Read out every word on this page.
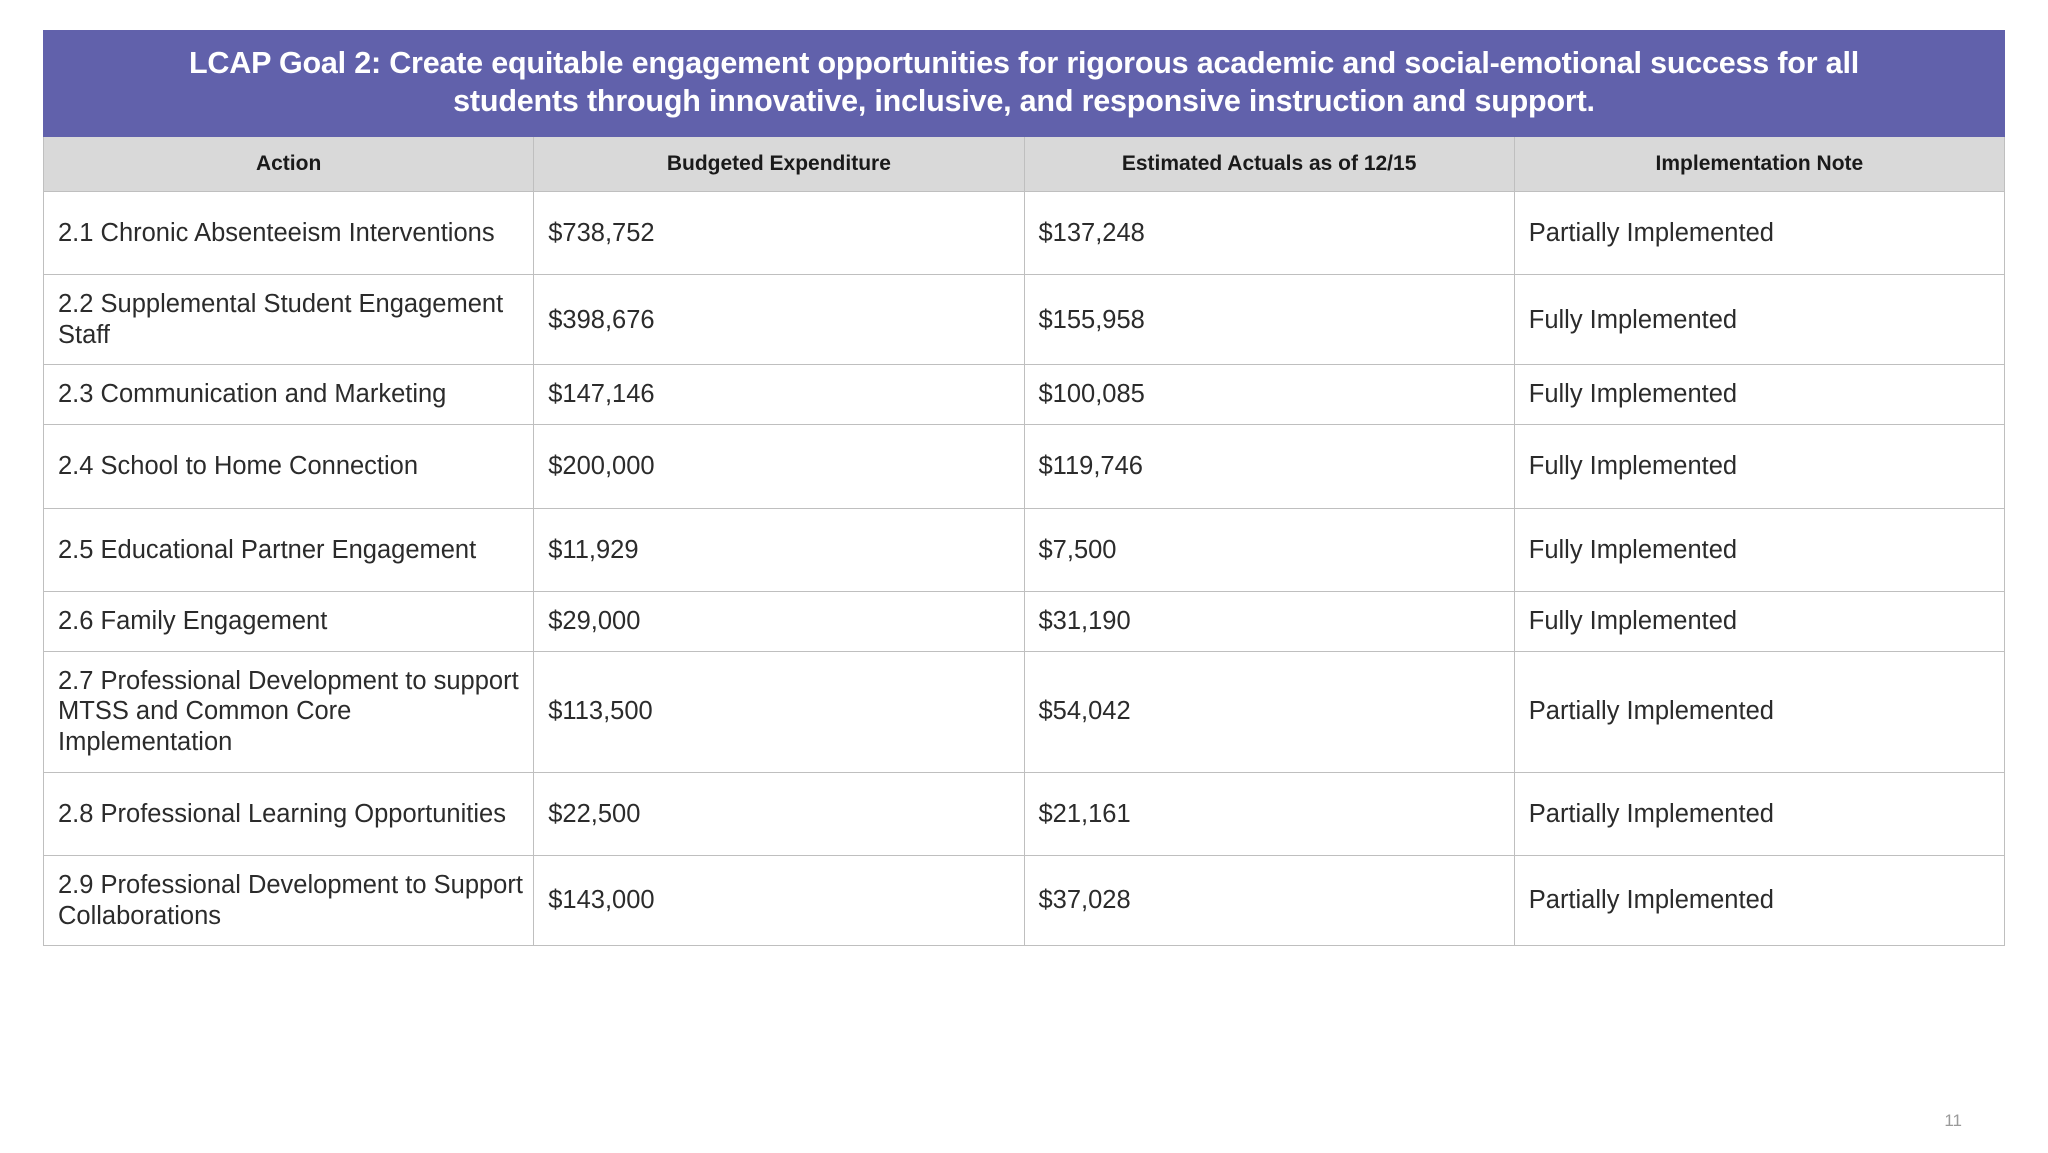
LCAP Goal 2: Create equitable engagement opportunities for rigorous academic and social-emotional success for all students through innovative, inclusive, and responsive instruction and support.			
Action	Budgeted Expenditure	Estimated Actuals as of 12/15	Implementation Note
2.1 Chronic Absenteeism Interventions	$738,752	$137,248	Partially Implemented
2.2 Supplemental Student Engagement Staff	$398,676	$155,958	Fully Implemented
2.3 Communication and Marketing	$147,146	$100,085	Fully Implemented
2.4 School to Home Connection	$200,000	$119,746	Fully Implemented
2.5 Educational Partner Engagement	$11,929	$7,500	Fully Implemented
2.6 Family Engagement	$29,000	$31,190	Fully Implemented
2.7 Professional Development to support MTSS and Common Core Implementation	$113,500	$54,042	Partially Implemented
2.8 Professional Learning Opportunities	$22,500	$21,161	Partially Implemented
2.9 Professional Development to Support Collaborations	$143,000	$37,028	Partially Implemented
11
